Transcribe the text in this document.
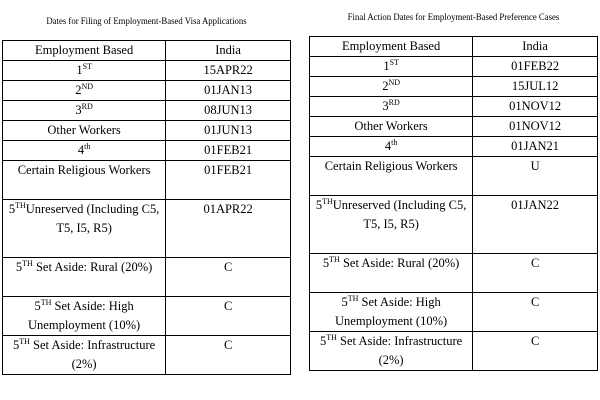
Dates for Filing of Employment-Based Visa Applications
Employment Based	India
1ST	15APR22
2ND	01JAN13
3RD	08JUN13
Other Workers	01JUN13
4th	01FEB21
Certain Religious Workers	01FEB21
5THUnreserved (Including C5, T5, I5, R5)	01APR22
5TH Set Aside: Rural (20%)	C
5TH Set Aside: High Unemployment (10%)	C
5TH Set Aside: Infrastructure (2%)	C
Final Action Dates for Employment-Based Preference Cases
Employment Based	India
1ST	01FEB22
2ND	15JUL12
3RD	01NOV12
Other Workers	01NOV12
4th	01JAN21
Certain Religious Workers	U
5THUnreserved (Including C5, T5, I5, R5)	01JAN22
5TH Set Aside: Rural (20%)	C
5TH Set Aside: High Unemployment (10%)	C
5TH Set Aside: Infrastructure (2%)	C
